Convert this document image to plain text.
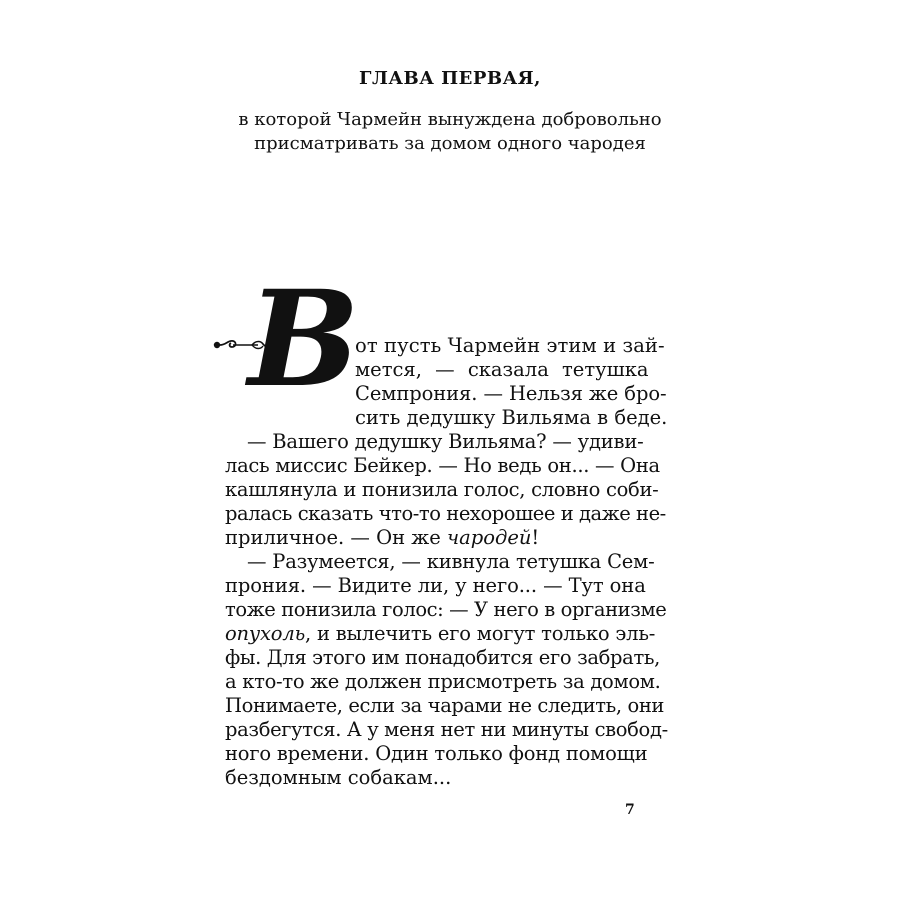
ГЛАВА ПЕРВАЯ,
в которой Чармейн вынуждена добровольно
присматривать за домом одного чародея
В
от пусть Чармейн этим и зай-
мется, — сказала тетушка
Семпрония. — Нельзя же бро-
сить дедушку Вильяма в беде.
— Вашего дедушку Вильяма? — удиви-
лась миссис Бейкер. — Но ведь он... — Она
кашлянула и понизила голос, словно соби-
ралась сказать что-то нехорошее и даже не-
приличное. — Он же чародей!
— Разумеется, — кивнула тетушка Сем-
прония. — Видите ли, у него... — Тут она
тоже понизила голос: — У него в организме
опухоль, и вылечить его могут только эль-
фы. Для этого им понадобится его забрать,
а кто-то же должен присмотреть за домом.
Понимаете, если за чарами не следить, они
разбегутся. А у меня нет ни минуты свобод-
ного времени. Один только фонд помощи
бездомным собакам...
7
